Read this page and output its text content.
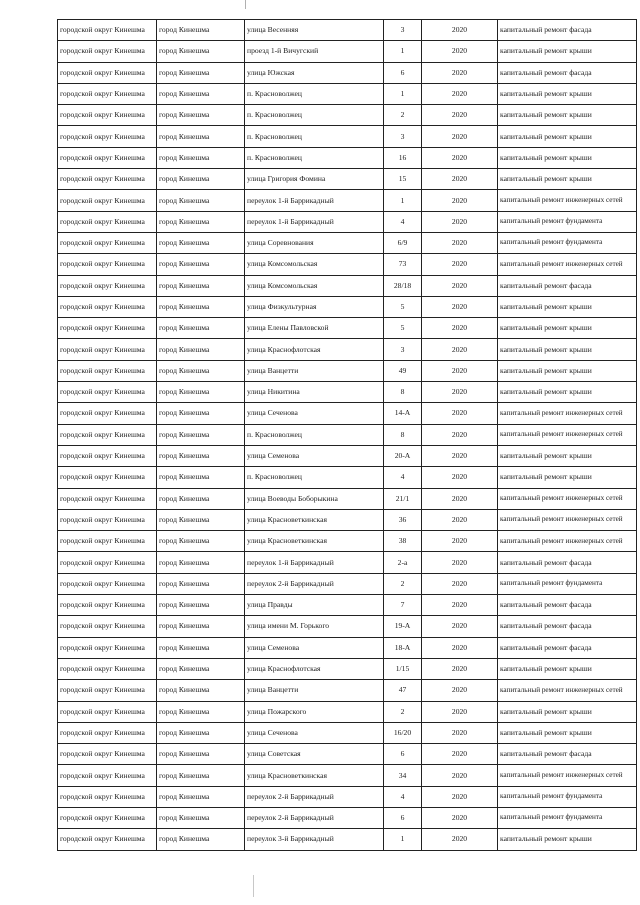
городской округ Кинешма	город Кинешма	улица Весенняя	3	2020	капитальный ремонт фасада
городской округ Кинешма	город Кинешма	проезд 1-й Вичугский	1	2020	капитальный ремонт крыши
городской округ Кинешма	город Кинешма	улица Южская	6	2020	капитальный ремонт фасада
городской округ Кинешма	город Кинешма	п. Красноволжец	1	2020	капитальный ремонт крыши
городской округ Кинешма	город Кинешма	п. Красноволжец	2	2020	капитальный ремонт крыши
городской округ Кинешма	город Кинешма	п. Красноволжец	3	2020	капитальный ремонт крыши
городской округ Кинешма	город Кинешма	п. Красноволжец	16	2020	капитальный ремонт крыши
городской округ Кинешма	город Кинешма	улица Григория Фомина	15	2020	капитальный ремонт крыши
городской округ Кинешма	город Кинешма	переулок 1-й Баррикадный	1	2020	капитальный ремонт инженерных сетей
городской округ Кинешма	город Кинешма	переулок 1-й Баррикадный	4	2020	капитальный ремонт фундамента
городской округ Кинешма	город Кинешма	улица Соревнования	6/9	2020	капитальный ремонт фундамента
городской округ Кинешма	город Кинешма	улица Комсомольская	73	2020	капитальный ремонт инженерных сетей
городской округ Кинешма	город Кинешма	улица Комсомольская	28/18	2020	капитальный ремонт фасада
городской округ Кинешма	город Кинешма	улица Физкультурная	5	2020	капитальный ремонт крыши
городской округ Кинешма	город Кинешма	улица Елены Павловской	5	2020	капитальный ремонт крыши
городской округ Кинешма	город Кинешма	улица Краснофлотская	3	2020	капитальный ремонт крыши
городской округ Кинешма	город Кинешма	улица Ванцетти	49	2020	капитальный ремонт крыши
городской округ Кинешма	город Кинешма	улица Никитина	8	2020	капитальный ремонт крыши
городской округ Кинешма	город Кинешма	улица Сеченова	14-А	2020	капитальный ремонт инженерных сетей
городской округ Кинешма	город Кинешма	п. Красноволжец	8	2020	капитальный ремонт инженерных сетей
городской округ Кинешма	город Кинешма	улица Семенова	20-А	2020	капитальный ремонт крыши
городской округ Кинешма	город Кинешма	п. Красноволжец	4	2020	капитальный ремонт крыши
городской округ Кинешма	город Кинешма	улица Воеводы Боборыкина	21/1	2020	капитальный ремонт инженерных сетей
городской округ Кинешма	город Кинешма	улица Красноветкинская	36	2020	капитальный ремонт инженерных сетей
городской округ Кинешма	город Кинешма	улица Красноветкинская	38	2020	капитальный ремонт инженерных сетей
городской округ Кинешма	город Кинешма	переулок 1-й Баррикадный	2-а	2020	капитальный ремонт фасада
городской округ Кинешма	город Кинешма	переулок 2-й Баррикадный	2	2020	капитальный ремонт фундамента
городской округ Кинешма	город Кинешма	улица Правды	7	2020	капитальный ремонт фасада
городской округ Кинешма	город Кинешма	улица имени М. Горького	19-А	2020	капитальный ремонт фасада
городской округ Кинешма	город Кинешма	улица Семенова	18-А	2020	капитальный ремонт фасада
городской округ Кинешма	город Кинешма	улица Краснофлотская	1/15	2020	капитальный ремонт крыши
городской округ Кинешма	город Кинешма	улица Ванцетти	47	2020	капитальный ремонт инженерных сетей
городской округ Кинешма	город Кинешма	улица Пожарского	2	2020	капитальный ремонт крыши
городской округ Кинешма	город Кинешма	улица Сеченова	16/20	2020	капитальный ремонт крыши
городской округ Кинешма	город Кинешма	улица Советская	6	2020	капитальный ремонт фасада
городской округ Кинешма	город Кинешма	улица Красноветкинская	34	2020	капитальный ремонт инженерных сетей
городской округ Кинешма	город Кинешма	переулок 2-й Баррикадный	4	2020	капитальный ремонт фундамента
городской округ Кинешма	город Кинешма	переулок 2-й Баррикадный	6	2020	капитальный ремонт фундамента
городской округ Кинешма	город Кинешма	переулок 3-й Баррикадный	1	2020	капитальный ремонт крыши
